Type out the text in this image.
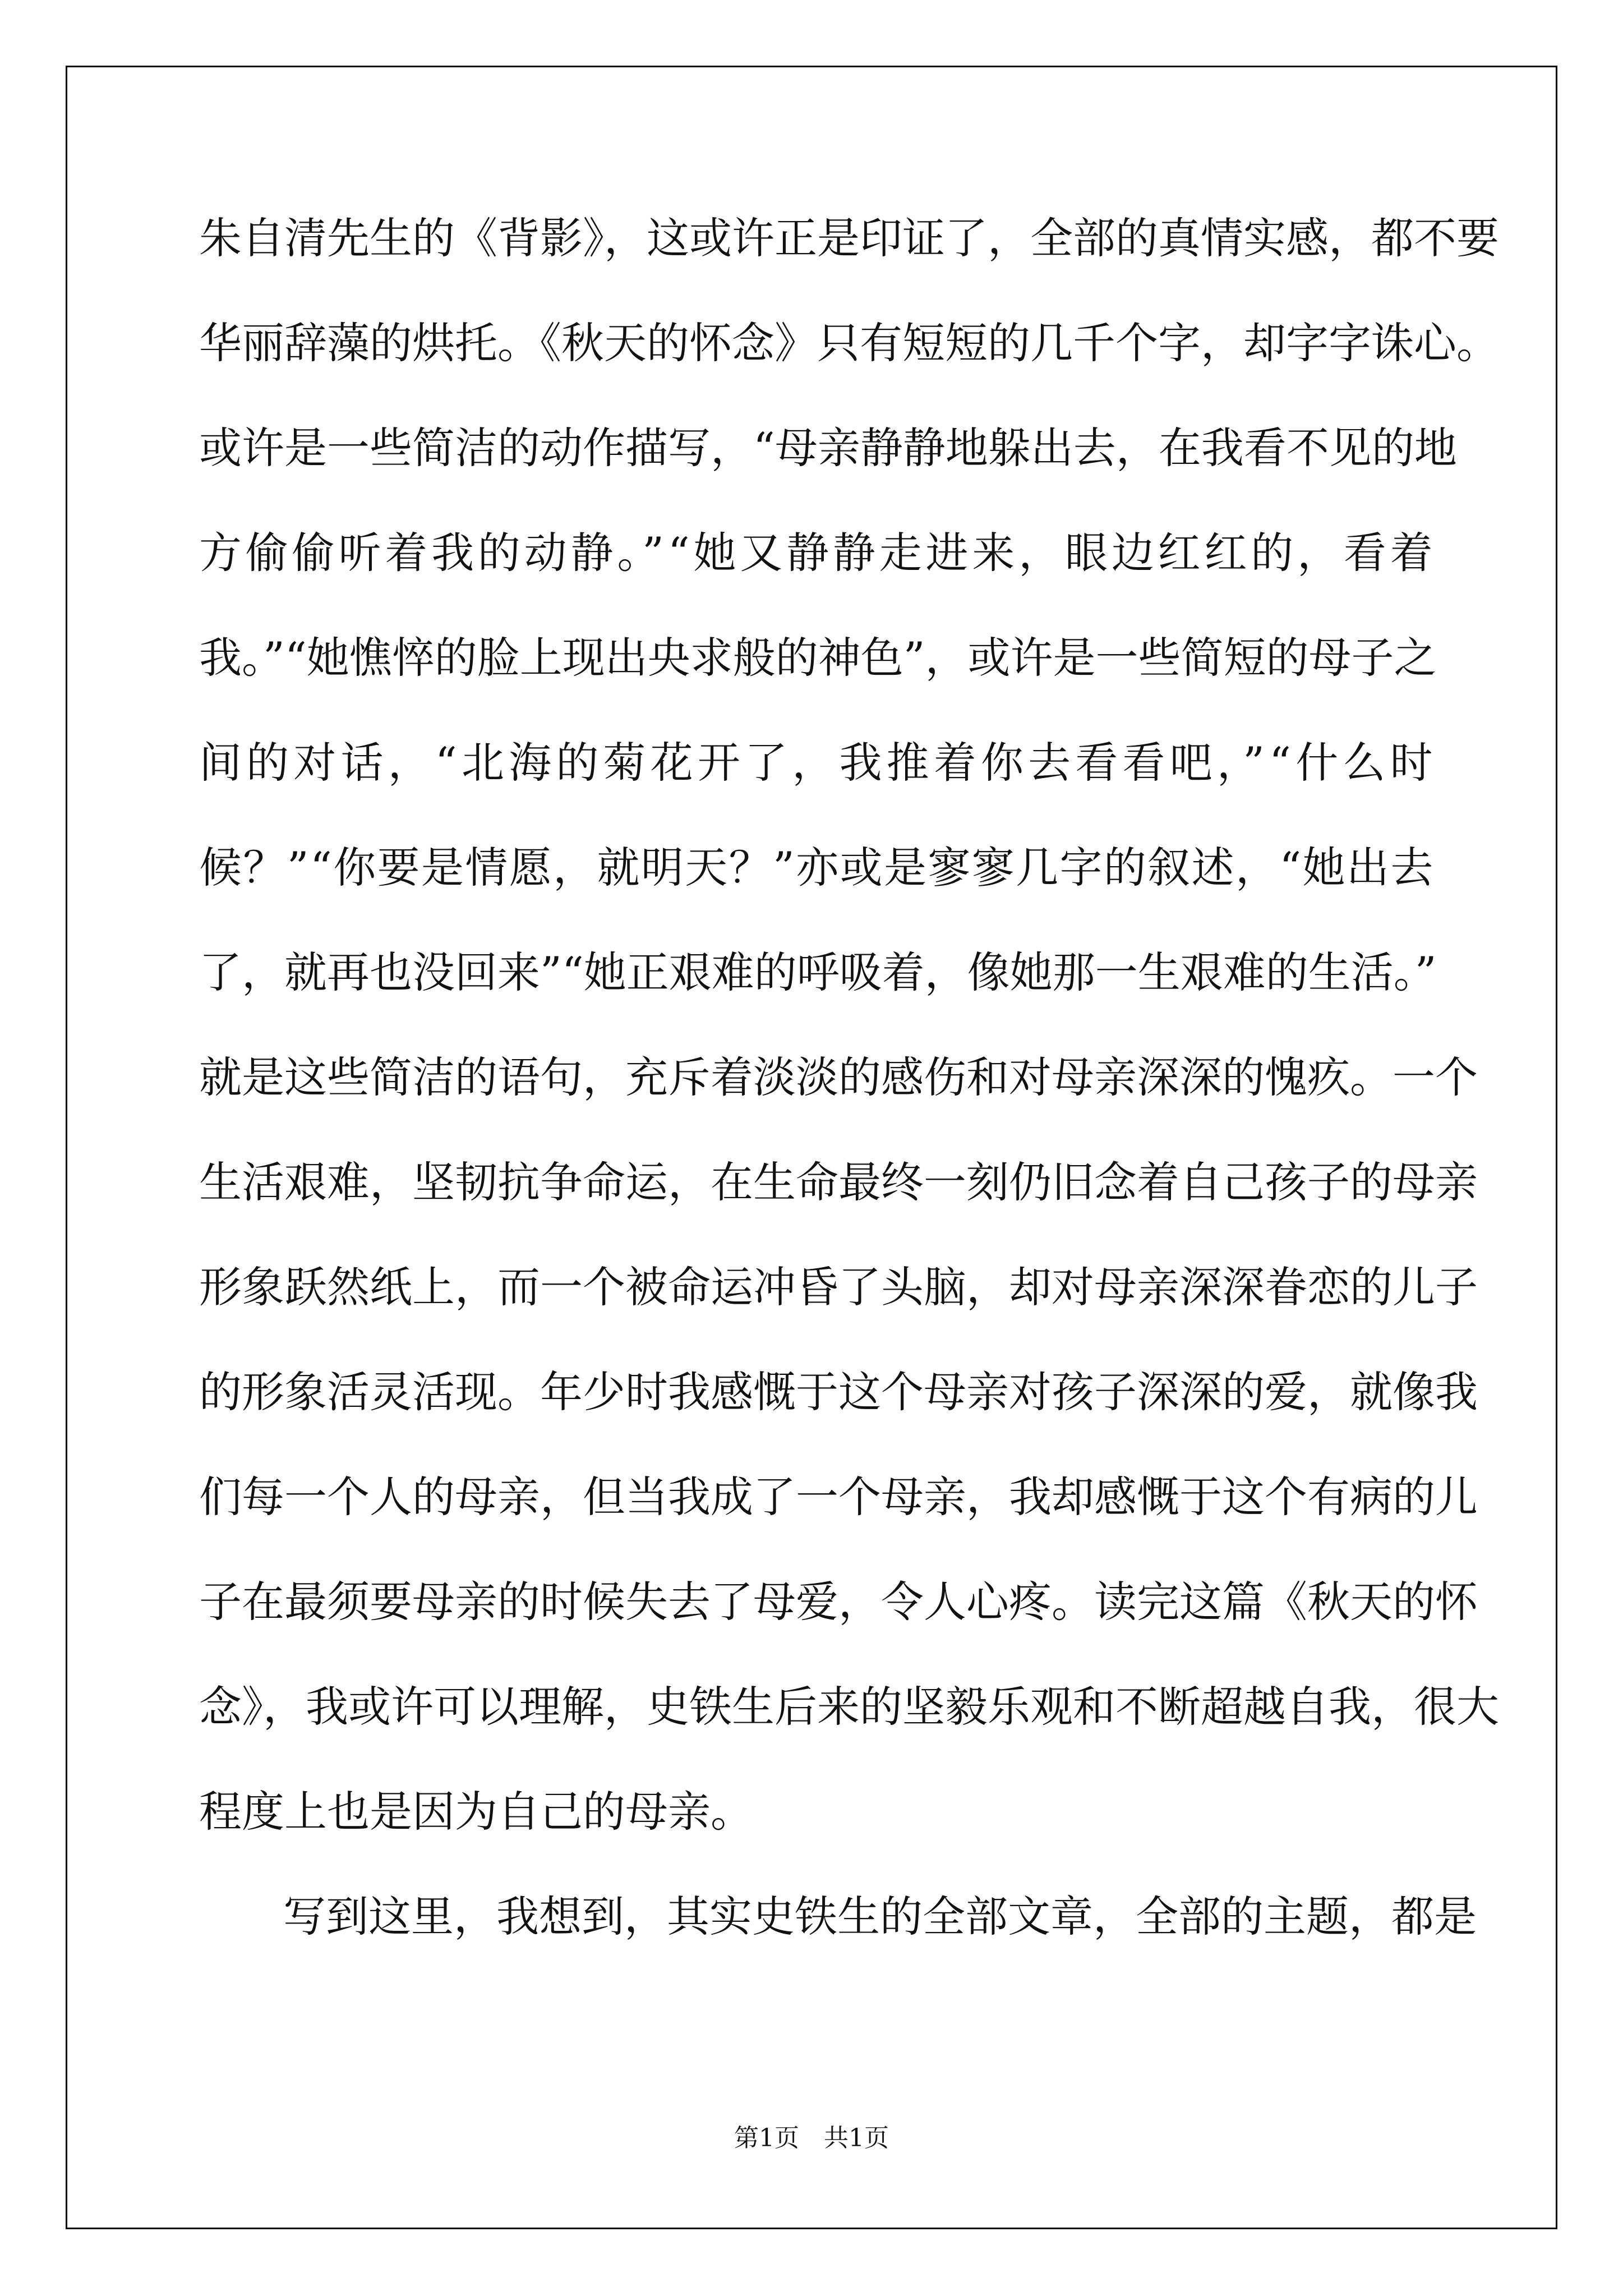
朱自清先生的《背影》，这或许正是印证了，全部的真情实感，都不要
华丽辞藻的烘托。《秋天的怀念》只有短短的几千个字，却字字诛心。
或许是一些简洁的动作描写，“母亲静静地躲出去，在我看不见的地
方偷偷听着我的动静。”“她又静静走进来，眼边红红的，看着
我。”“她憔悴的脸上现出央求般的神色”，或许是一些简短的母子之
间的对话，“北海的菊花开了，我推着你去看看吧，”“什么时
候？”“你要是情愿，就明天？”亦或是寥寥几字的叙述，“她出去
了，就再也没回来”“她正艰难的呼吸着，像她那一生艰难的生活。”
就是这些简洁的语句，充斥着淡淡的感伤和对母亲深深的愧疚。一个
生活艰难，坚韧抗争命运，在生命最终一刻仍旧念着自己孩子的母亲
形象跃然纸上，而一个被命运冲昏了头脑，却对母亲深深眷恋的儿子
的形象活灵活现。年少时我感慨于这个母亲对孩子深深的爱，就像我
们每一个人的母亲，但当我成了一个母亲，我却感慨于这个有病的儿
子在最须要母亲的时候失去了母爱，令人心疼。读完这篇《秋天的怀
念》，我或许可以理解，史铁生后来的坚毅乐观和不断超越自我，很大
程度上也是因为自己的母亲。
写到这里，我想到，其实史铁生的全部文章，全部的主题，都是
第1页 共1页
